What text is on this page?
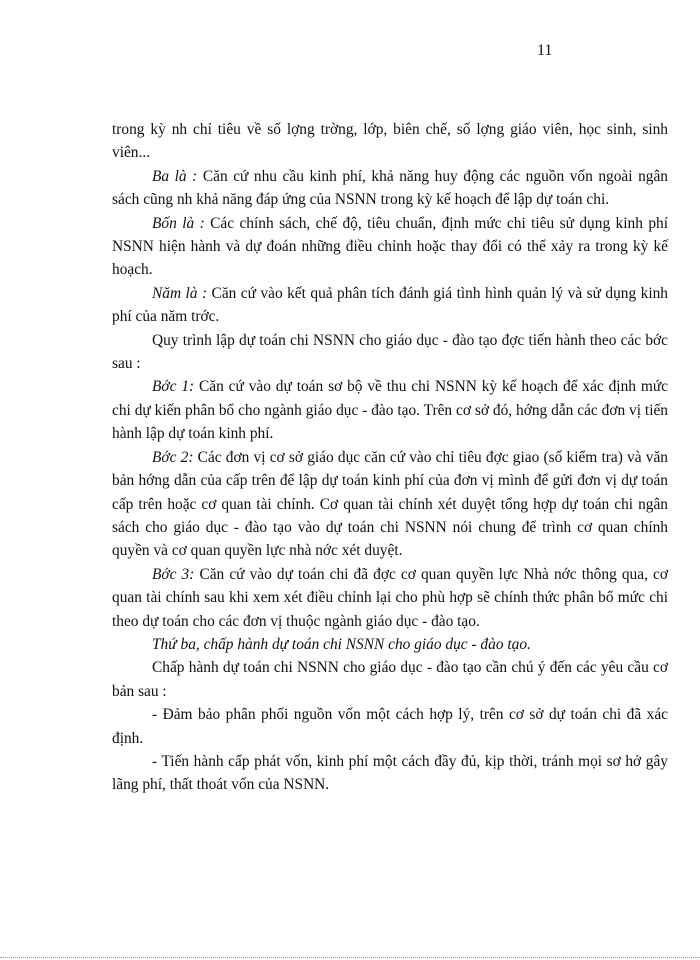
11

trong kỳ nh chỉ tiêu về số lợng trờng, lớp, biên chế, số lợng giáo viên, học sinh, sinh viên...

Ba là : Căn cứ nhu cầu kinh phí, khả năng huy động các nguồn vốn ngoài ngân sách cũng nh khả năng đáp ứng của NSNN trong kỳ kế hoạch để lập dự toán chi.

Bốn là : Các chính sách, chế độ, tiêu chuẩn, định mức chi tiêu sử dụng kinh phí NSNN hiện hành và dự đoán những điều chỉnh hoặc thay đổi có thể xảy ra trong kỳ kế hoạch.

Năm là : Căn cứ vào kết quả phân tích đánh giá tình hình quản lý và sử dụng kinh phí của năm trớc.

Quy trình lập dự toán chi NSNN cho giáo dục - đào tạo đợc tiến hành theo các bớc sau :

Bớc 1: Căn cứ vào dự toán sơ bộ về thu chi NSNN kỳ kế hoạch để xác định mức chi dự kiến phân bổ cho ngành giáo dục - đào tạo. Trên cơ sở đó, hớng dẫn các đơn vị tiến hành lập dự toán kinh phí.

Bớc 2: Các đơn vị cơ sở giáo dục căn cứ vào chỉ tiêu đợc giao (số kiểm tra) và văn bản hớng dẫn của cấp trên để lập dự toán kinh phí của đơn vị mình để gửi đơn vị dự toán cấp trên hoặc cơ quan tài chính. Cơ quan tài chính xét duyệt tổng hợp dự toán chi ngân sách cho giáo dục - đào tạo vào dự toán chi NSNN nói chung để trình cơ quan chính quyền và cơ quan quyền lực nhà nớc xét duyệt.

Bớc 3: Căn cứ vào dự toán chi đã đợc cơ quan quyền lực Nhà nớc thông qua, cơ quan tài chính sau khi xem xét điều chỉnh lại cho phù hợp sẽ chính thức phân bổ mức chi theo dự toán cho các đơn vị thuộc ngành giáo dục - đào tạo.

Thứ ba, chấp hành dự toán chi NSNN cho giáo dục - đào tạo.

Chấp hành dự toán chi NSNN cho giáo dục - đào tạo cần chú ý đến các yêu cầu cơ bản sau :

- Đảm bảo phân phối nguồn vốn một cách hợp lý, trên cơ sở dự toán chi đã xác định.

- Tiến hành cấp phát vốn, kinh phí một cách đầy đủ, kịp thời, tránh mọi sơ hở gây lãng phí, thất thoát vốn của NSNN.
